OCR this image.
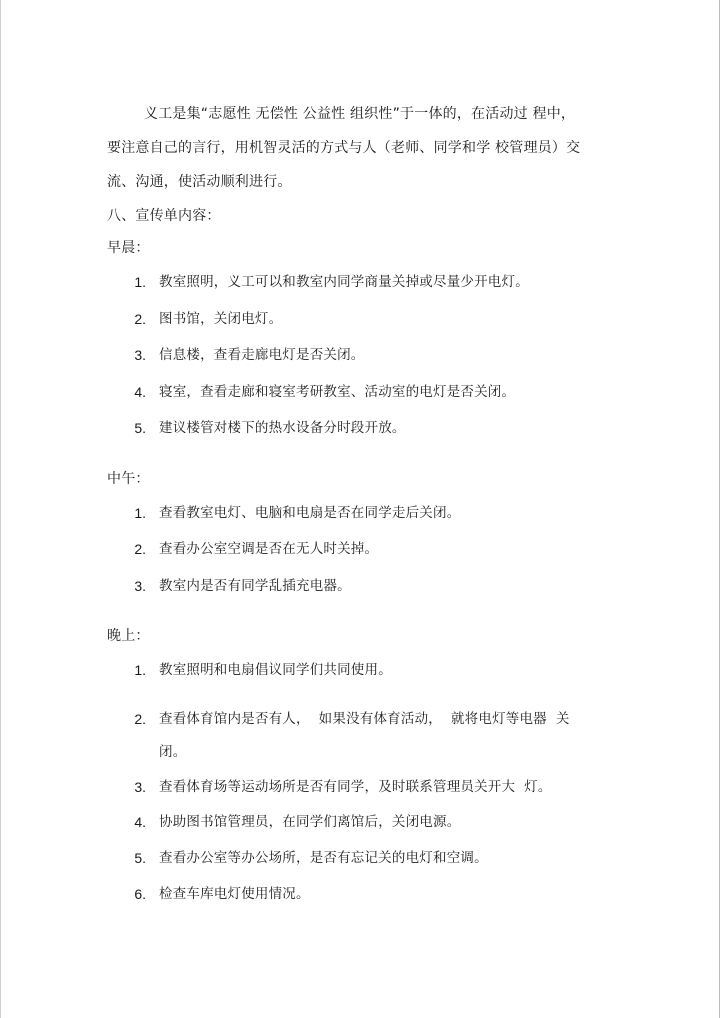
义工是集“志愿性 无偿性 公益性 组织性”于一体的，在活动过 程中，
要注意自己的言行，用机智灵活的方式与人（老师、同学和学 校管理员）交
流、沟通，使活动顺利进行。
八、宣传单内容：
早晨：
1. 教室照明，义工可以和教室内同学商量关掉或尽量少开电灯。
2. 图书馆，关闭电灯。
3. 信息楼，查看走廊电灯是否关闭。
4. 寝室，查看走廊和寝室考研教室、活动室的电灯是否关闭。
5. 建议楼管对楼下的热水设备分时段开放。
中午：
1. 查看教室电灯、电脑和电扇是否在同学走后关闭。
2. 查看办公室空调是否在无人时关掉。
3. 教室内是否有同学乱插充电器。
晚上：
1. 教室照明和电扇倡议同学们共同使用。
2. 查看体育馆内是否有人，  如果没有体育活动，  就将电灯等电器  关
闭。
3. 查看体育场等运动场所是否有同学，及时联系管理员关开大  灯。
4. 协助图书馆管理员，在同学们离馆后，关闭电源。
5. 查看办公室等办公场所，是否有忘记关的电灯和空调。
6. 检查车库电灯使用情况。
